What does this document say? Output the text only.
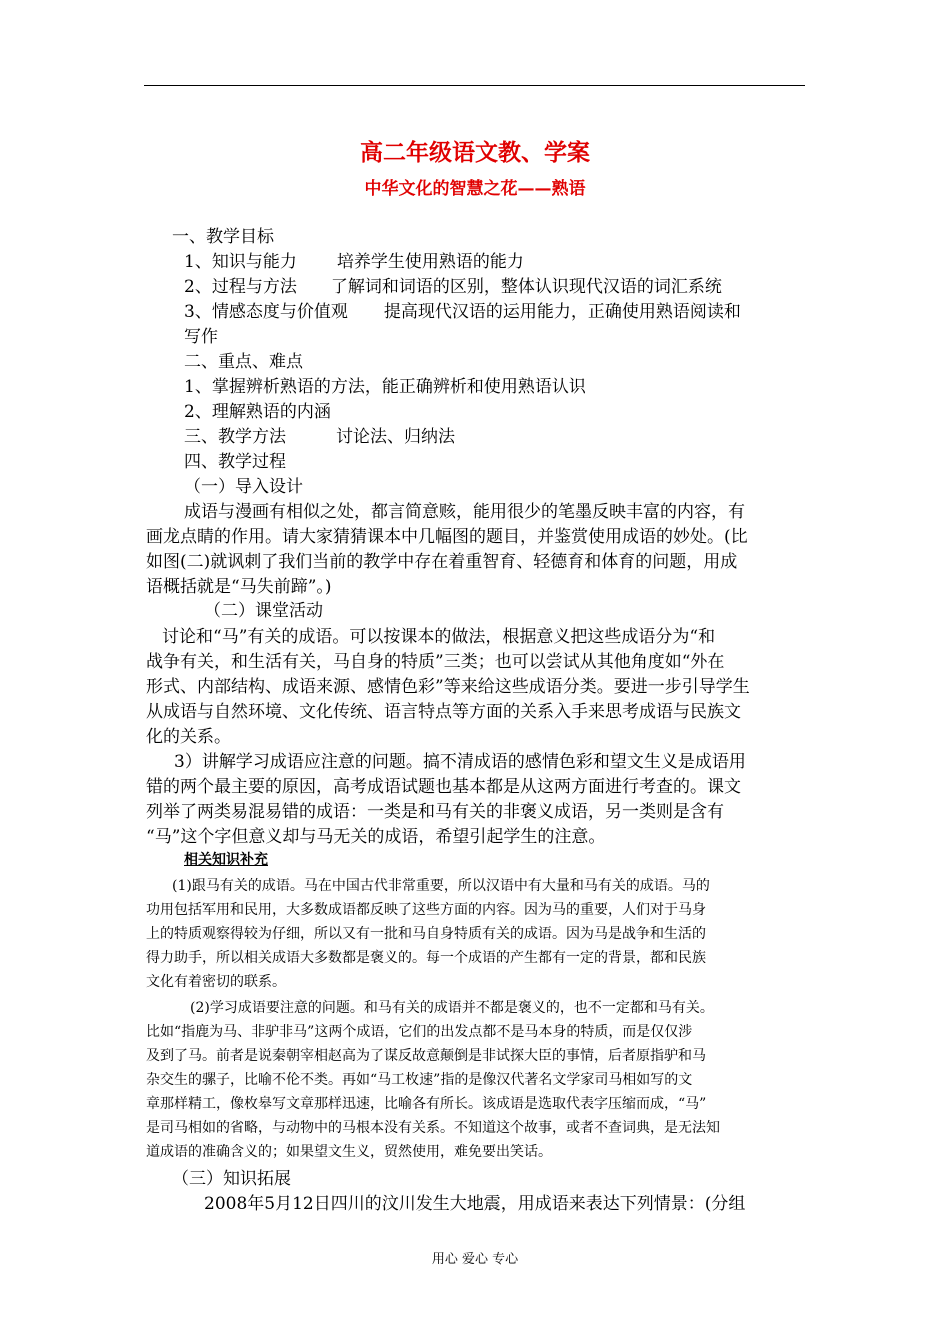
高二年级语文教、学案
中华文化的智慧之花——熟语
一、教学目标
1、知识与能力 培养学生使用熟语的能力
2、过程与方法 了解词和词语的区别，整体认识现代汉语的词汇系统
3、情感态度与价值观 提高现代汉语的运用能力，正确使用熟语阅读和
写作
二、重点、难点
1、掌握辨析熟语的方法，能正确辨析和使用熟语认识
2、理解熟语的内涵
三、教学方法	讨论法、归纳法
四、教学过程
（一）导入设计
成语与漫画有相似之处，都言简意赅，能用很少的笔墨反映丰富的内容，有
画龙点睛的作用。请大家猜猜课本中几幅图的题目，并鉴赏使用成语的妙处。(比
如图(二)就讽刺了我们当前的教学中存在着重智育、轻德育和体育的问题，用成
语概括就是“马失前蹄”。)
（二）课堂活动
讨论和“马”有关的成语。可以按课本的做法，根据意义把这些成语分为“和
战争有关，和生活有关，马自身的特质”三类；也可以尝试从其他角度如“外在
形式、内部结构、成语来源、感情色彩”等来给这些成语分类。要进一步引导学生
从成语与自然环境、文化传统、语言特点等方面的关系入手来思考成语与民族文
化的关系。
3）讲解学习成语应注意的问题。搞不清成语的感情色彩和望文生义是成语用
错的两个最主要的原因，高考成语试题也基本都是从这两方面进行考查的。课文
列举了两类易混易错的成语：一类是和马有关的非褒义成语，另一类则是含有
“马”这个字但意义却与马无关的成语，希望引起学生的注意。
相关知识补充
(1)跟马有关的成语。马在中国古代非常重要，所以汉语中有大量和马有关的成语。马的
功用包括军用和民用，大多数成语都反映了这些方面的内容。因为马的重要，人们对于马身
上的特质观察得较为仔细，所以又有一批和马自身特质有关的成语。因为马是战争和生活的
得力助手，所以相关成语大多数都是褒义的。每一个成语的产生都有一定的背景，都和民族
文化有着密切的联系。
(2)学习成语要注意的问题。和马有关的成语并不都是褒义的，也不一定都和马有关。
比如“指鹿为马、非驴非马”这两个成语，它们的出发点都不是马本身的特质，而是仅仅涉
及到了马。前者是说秦朝宰相赵高为了谋反故意颠倒是非试探大臣的事情，后者原指驴和马
杂交生的骡子，比喻不伦不类。再如“马工枚速”指的是像汉代著名文学家司马相如写的文
章那样精工，像枚皋写文章那样迅速，比喻各有所长。该成语是选取代表字压缩而成，“马”
是司马相如的省略，与动物中的马根本没有关系。不知道这个故事，或者不查词典，是无法知
道成语的准确含义的；如果望文生义，贸然使用，难免要出笑话。
（三）知识拓展
2008年5月12日四川的汶川发生大地震，用成语来表达下列情景：(分组
用心 爱心 专心
